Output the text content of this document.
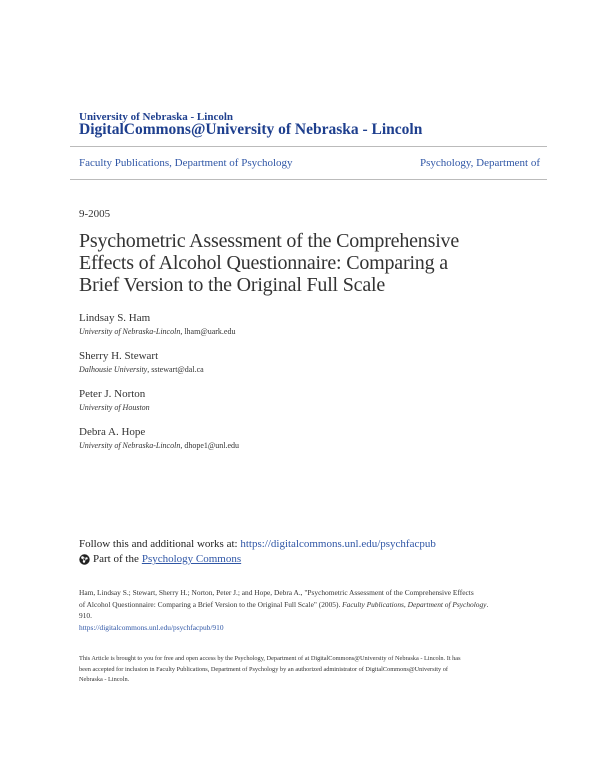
University of Nebraska - Lincoln
DigitalCommons@University of Nebraska - Lincoln
Faculty Publications, Department of Psychology	Psychology, Department of
9-2005
Psychometric Assessment of the Comprehensive
Effects of Alcohol Questionnaire: Comparing a
Brief Version to the Original Full Scale
Lindsay S. Ham
University of Nebraska-Lincoln, lham@uark.edu
Sherry H. Stewart
Dalhousie University, sstewart@dal.ca
Peter J. Norton
University of Houston
Debra A. Hope
University of Nebraska-Lincoln, dhope1@unl.edu
Follow this and additional works at: https://digitalcommons.unl.edu/psychfacpub
Part of the Psychology Commons
Ham, Lindsay S.; Stewart, Sherry H.; Norton, Peter J.; and Hope, Debra A., "Psychometric Assessment of the Comprehensive Effects
of Alcohol Questionnaire: Comparing a Brief Version to the Original Full Scale" (2005). Faculty Publications, Department of Psychology.
910.
https://digitalcommons.unl.edu/psychfacpub/910
This Article is brought to you for free and open access by the Psychology, Department of at DigitalCommons@University of Nebraska - Lincoln. It has
been accepted for inclusion in Faculty Publications, Department of Psychology by an authorized administrator of DigitalCommons@University of
Nebraska - Lincoln.
